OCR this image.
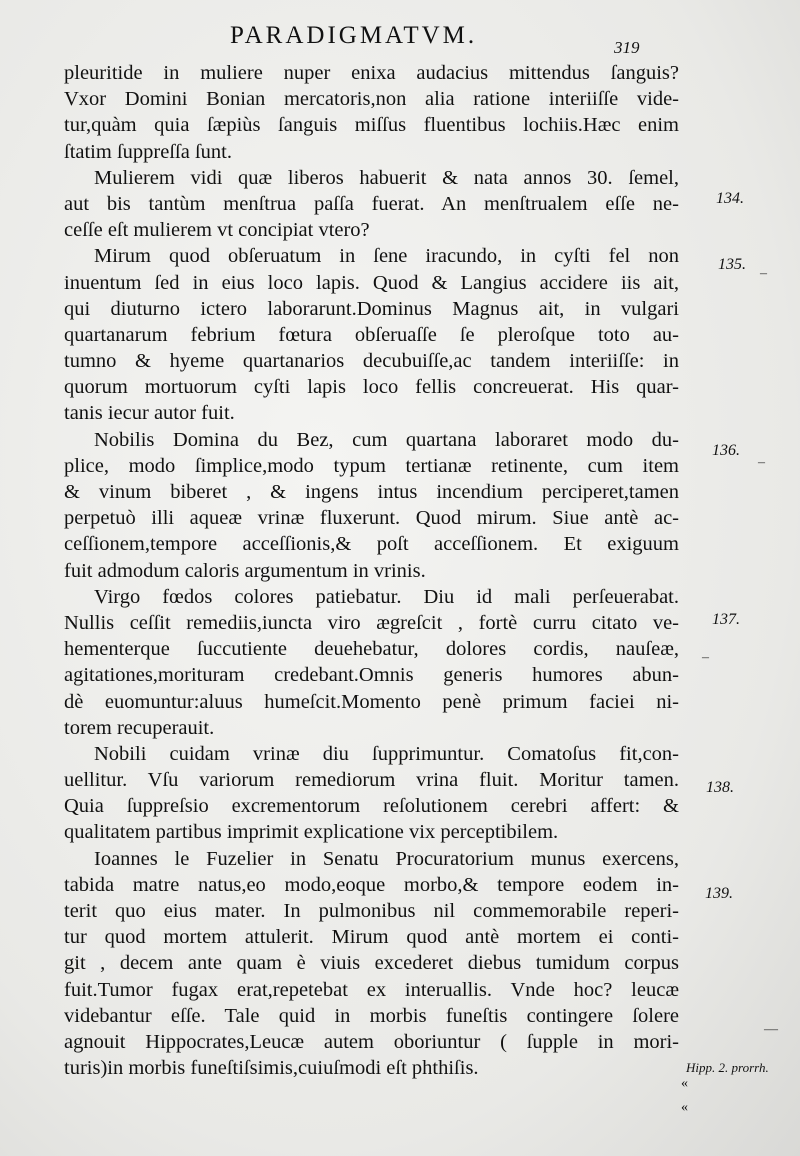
PARADIGMATVM.	319
pleuritide in muliere nuper enixa audacius mittendus ſanguis?
Vxor Domini Bonian mercatoris,non alia ratione interiiſſe vide-
tur,quàm quia ſæpiùs ſanguis miſſus fluentibus lochiis.Hæc enim
ſtatim ſuppreſſa ſunt.
Mulierem vidi quæ liberos habuerit & nata annos 30. ſemel,
aut bis tantùm menſtrua paſſa fuerat. An menſtrualem eſſe ne-
ceſſe eſt mulierem vt concipiat vtero?
Mirum quod obſeruatum in ſene iracundo, in cyſti fel non
inuentum ſed in eius loco lapis. Quod & Langius accidere iis ait,
qui diuturno ictero laborarunt.Dominus Magnus ait, in vulgari
quartanarum febrium fœtura obſeruaſſe ſe pleroſque toto au-
tumno & hyeme quartanarios decubuiſſe,ac tandem interiiſſe: in
quorum mortuorum cyſti lapis loco fellis concreuerat. His quar-
tanis iecur autor fuit.
Nobilis Domina du Bez, cum quartana laboraret modo du-
plice, modo ſimplice,modo typum tertianæ retinente, cum item
& vinum biberet , & ingens intus incendium perciperet,tamen
perpetuò illi aqueæ vrinæ fluxerunt. Quod mirum. Siue antè ac-
ceſſionem,tempore acceſſionis,& poſt acceſſionem. Et exiguum
fuit admodum caloris argumentum in vrinis.
Virgo fœdos colores patiebatur. Diu id mali perſeuerabat.
Nullis ceſſit remediis,iuncta viro ægreſcit , fortè curru citato ve-
hementerque ſuccutiente deuehebatur, dolores cordis, nauſeæ,
agitationes,morituram credebant.Omnis generis humores abun-
dè euomuntur:aluus humeſcit.Momento penè primum faciei ni-
torem recuperauit.
Nobili cuidam vrinæ diu ſupprimuntur. Comatoſus fit,con-
uellitur. Vſu variorum remediorum vrina fluit. Moritur tamen.
Quia ſuppreſsio excrementorum reſolutionem cerebri affert: &
qualitatem partibus imprimit explicatione vix perceptibilem.
Ioannes le Fuzelier in Senatu Procuratorium munus exercens,
tabida matre natus,eo modo,eoque morbo,& tempore eodem in-
terit quo eius mater. In pulmonibus nil commemorabile reperi-
tur quod mortem attulerit. Mirum quod antè mortem ei conti-
git , decem ante quam è viuis excederet diebus tumidum corpus
fuit.Tumor fugax erat,repetebat ex interuallis. Vnde hoc? leucæ
videbantur eſſe. Tale quid in morbis funeſtis contingere ſolere
agnouit Hippocrates,Leucæ autem oboriuntur ( ſupple in mori-
turis)in morbis funeſtiſsimis,cuiuſmodi eſt phthiſis.
134.
135.
136.
137.
138.
139.
Hipp. 2. prorrh.
«
«
–
–
–
—
